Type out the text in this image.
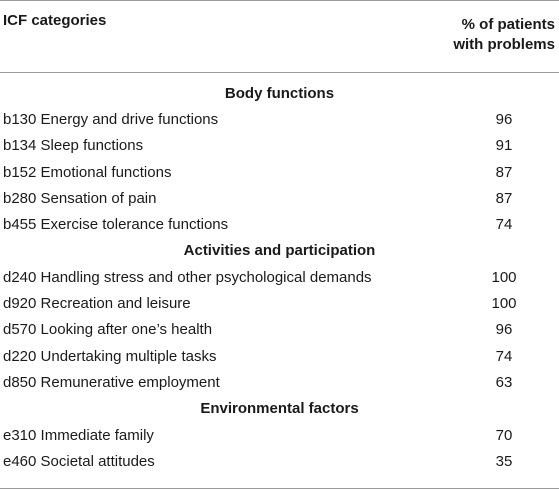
ICF categories	% of patients
with problems
Body functions
b130 Energy and drive functions	96
b134 Sleep functions	91
b152 Emotional functions	87
b280 Sensation of pain	87
b455 Exercise tolerance functions	74
Activities and participation
d240 Handling stress and other psychological demands	100
d920 Recreation and leisure	100
d570 Looking after one’s health	96
d220 Undertaking multiple tasks	74
d850 Remunerative employment	63
Environmental factors
e310 Immediate family	70
e460 Societal attitudes	35
